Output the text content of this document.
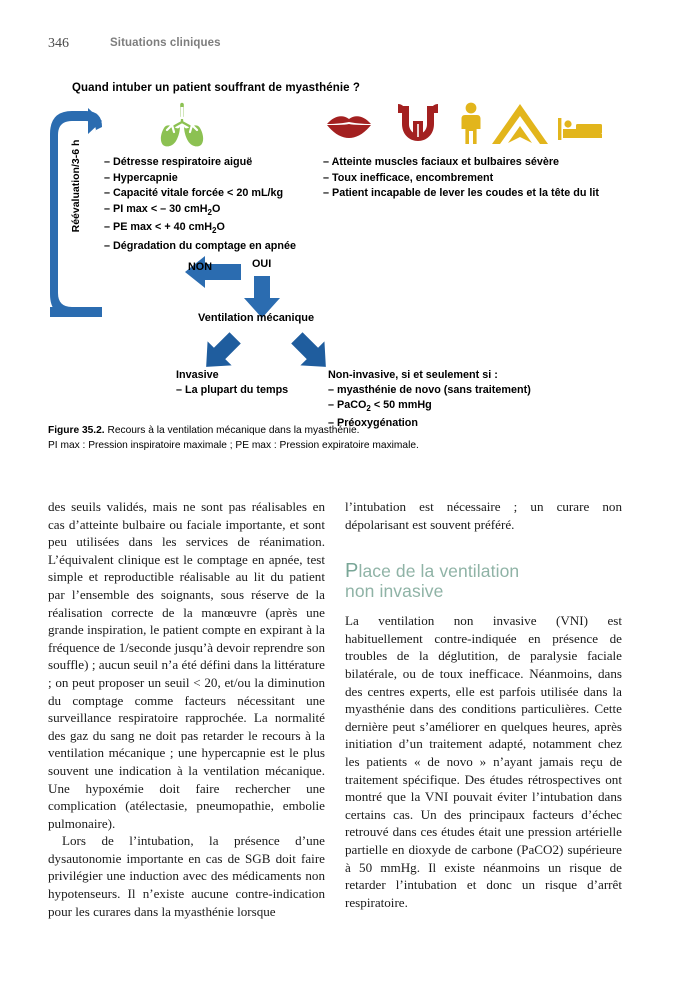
346	Situations cliniques
Quand intuber un patient souffrant de myasthénie ?
Réévaluation/3-6 h – Détresse respiratoire aiguë
– Hypercapnie
– Capacité vitale forcée < 20 mL/kg
– PI max < – 30 cmH$_2$O
– PE max < + 40 cmH$_2$O
– Dégradation du comptage en apnée
– Atteinte muscles faciaux et bulbaires sévère
– Toux inefficace, encombrement
– Patient incapable de lever les coudes et la tête du lit
NON	OUI
Ventilation mécanique
Invasive
– La plupart du temps
Non-invasive, si et seulement si :
– myasthénie de novo (sans traitement)
– PaCO$_2$ < 50 mmHg
– Préoxygénation
Figure 35.2. Recours à la ventilation mécanique dans la myasthénie.
PI max : Pression inspiratoire maximale ; PE max : Pression expiratoire maximale.

des seuils validés, mais ne sont pas réalisables en cas d’atteinte bulbaire ou faciale importante, et sont peu utilisées dans les services de réanimation. L’équivalent clinique est le comptage en apnée, test simple et reproductible réalisable au lit du patient par l’ensemble des soignants, sous réserve de la réalisation correcte de la manœuvre (après une grande inspiration, le patient compte en expirant à la fréquence de 1/seconde jusqu’à devoir reprendre son souffle) ; aucun seuil n’a été défini dans la littérature ; on peut proposer un seuil < 20, et/ou la diminution du comptage comme facteurs nécessitant une surveillance respiratoire rapprochée. La normalité des gaz du sang ne doit pas retarder le recours à la ventilation mécanique ; une hypercapnie est le plus souvent une indication à la ventilation mécanique. Une hypoxémie doit faire rechercher une complication (atélectasie, pneumopathie, embolie pulmonaire).

Lors de l’intubation, la présence d’une dysautonomie importante en cas de SGB doit faire privilégier une induction avec des médicaments non hypotenseurs. Il n’existe aucune contre-indication pour les curares dans la myasthénie lorsque

l’intubation est nécessaire ; un curare non dépolarisant est souvent préféré.

Place de la ventilation
non invasive

La ventilation non invasive (VNI) est habituellement contre-indiquée en présence de troubles de la déglutition, de paralysie faciale bilatérale, ou de toux inefficace. Néanmoins, dans des centres experts, elle est parfois utilisée dans la myasthénie dans des conditions particulières. Cette dernière peut s’améliorer en quelques heures, après initiation d’un traitement adapté, notamment chez les patients « de novo » n’ayant jamais reçu de traitement spécifique. Des études rétrospectives ont montré que la VNI pouvait éviter l’intubation dans certains cas. Un des principaux facteurs d’échec retrouvé dans ces études était une pression artérielle partielle en dioxyde de carbone (PaCO2) supérieure à 50 mmHg. Il existe néanmoins un risque de retarder l’intubation et donc un risque d’arrêt respiratoire.
